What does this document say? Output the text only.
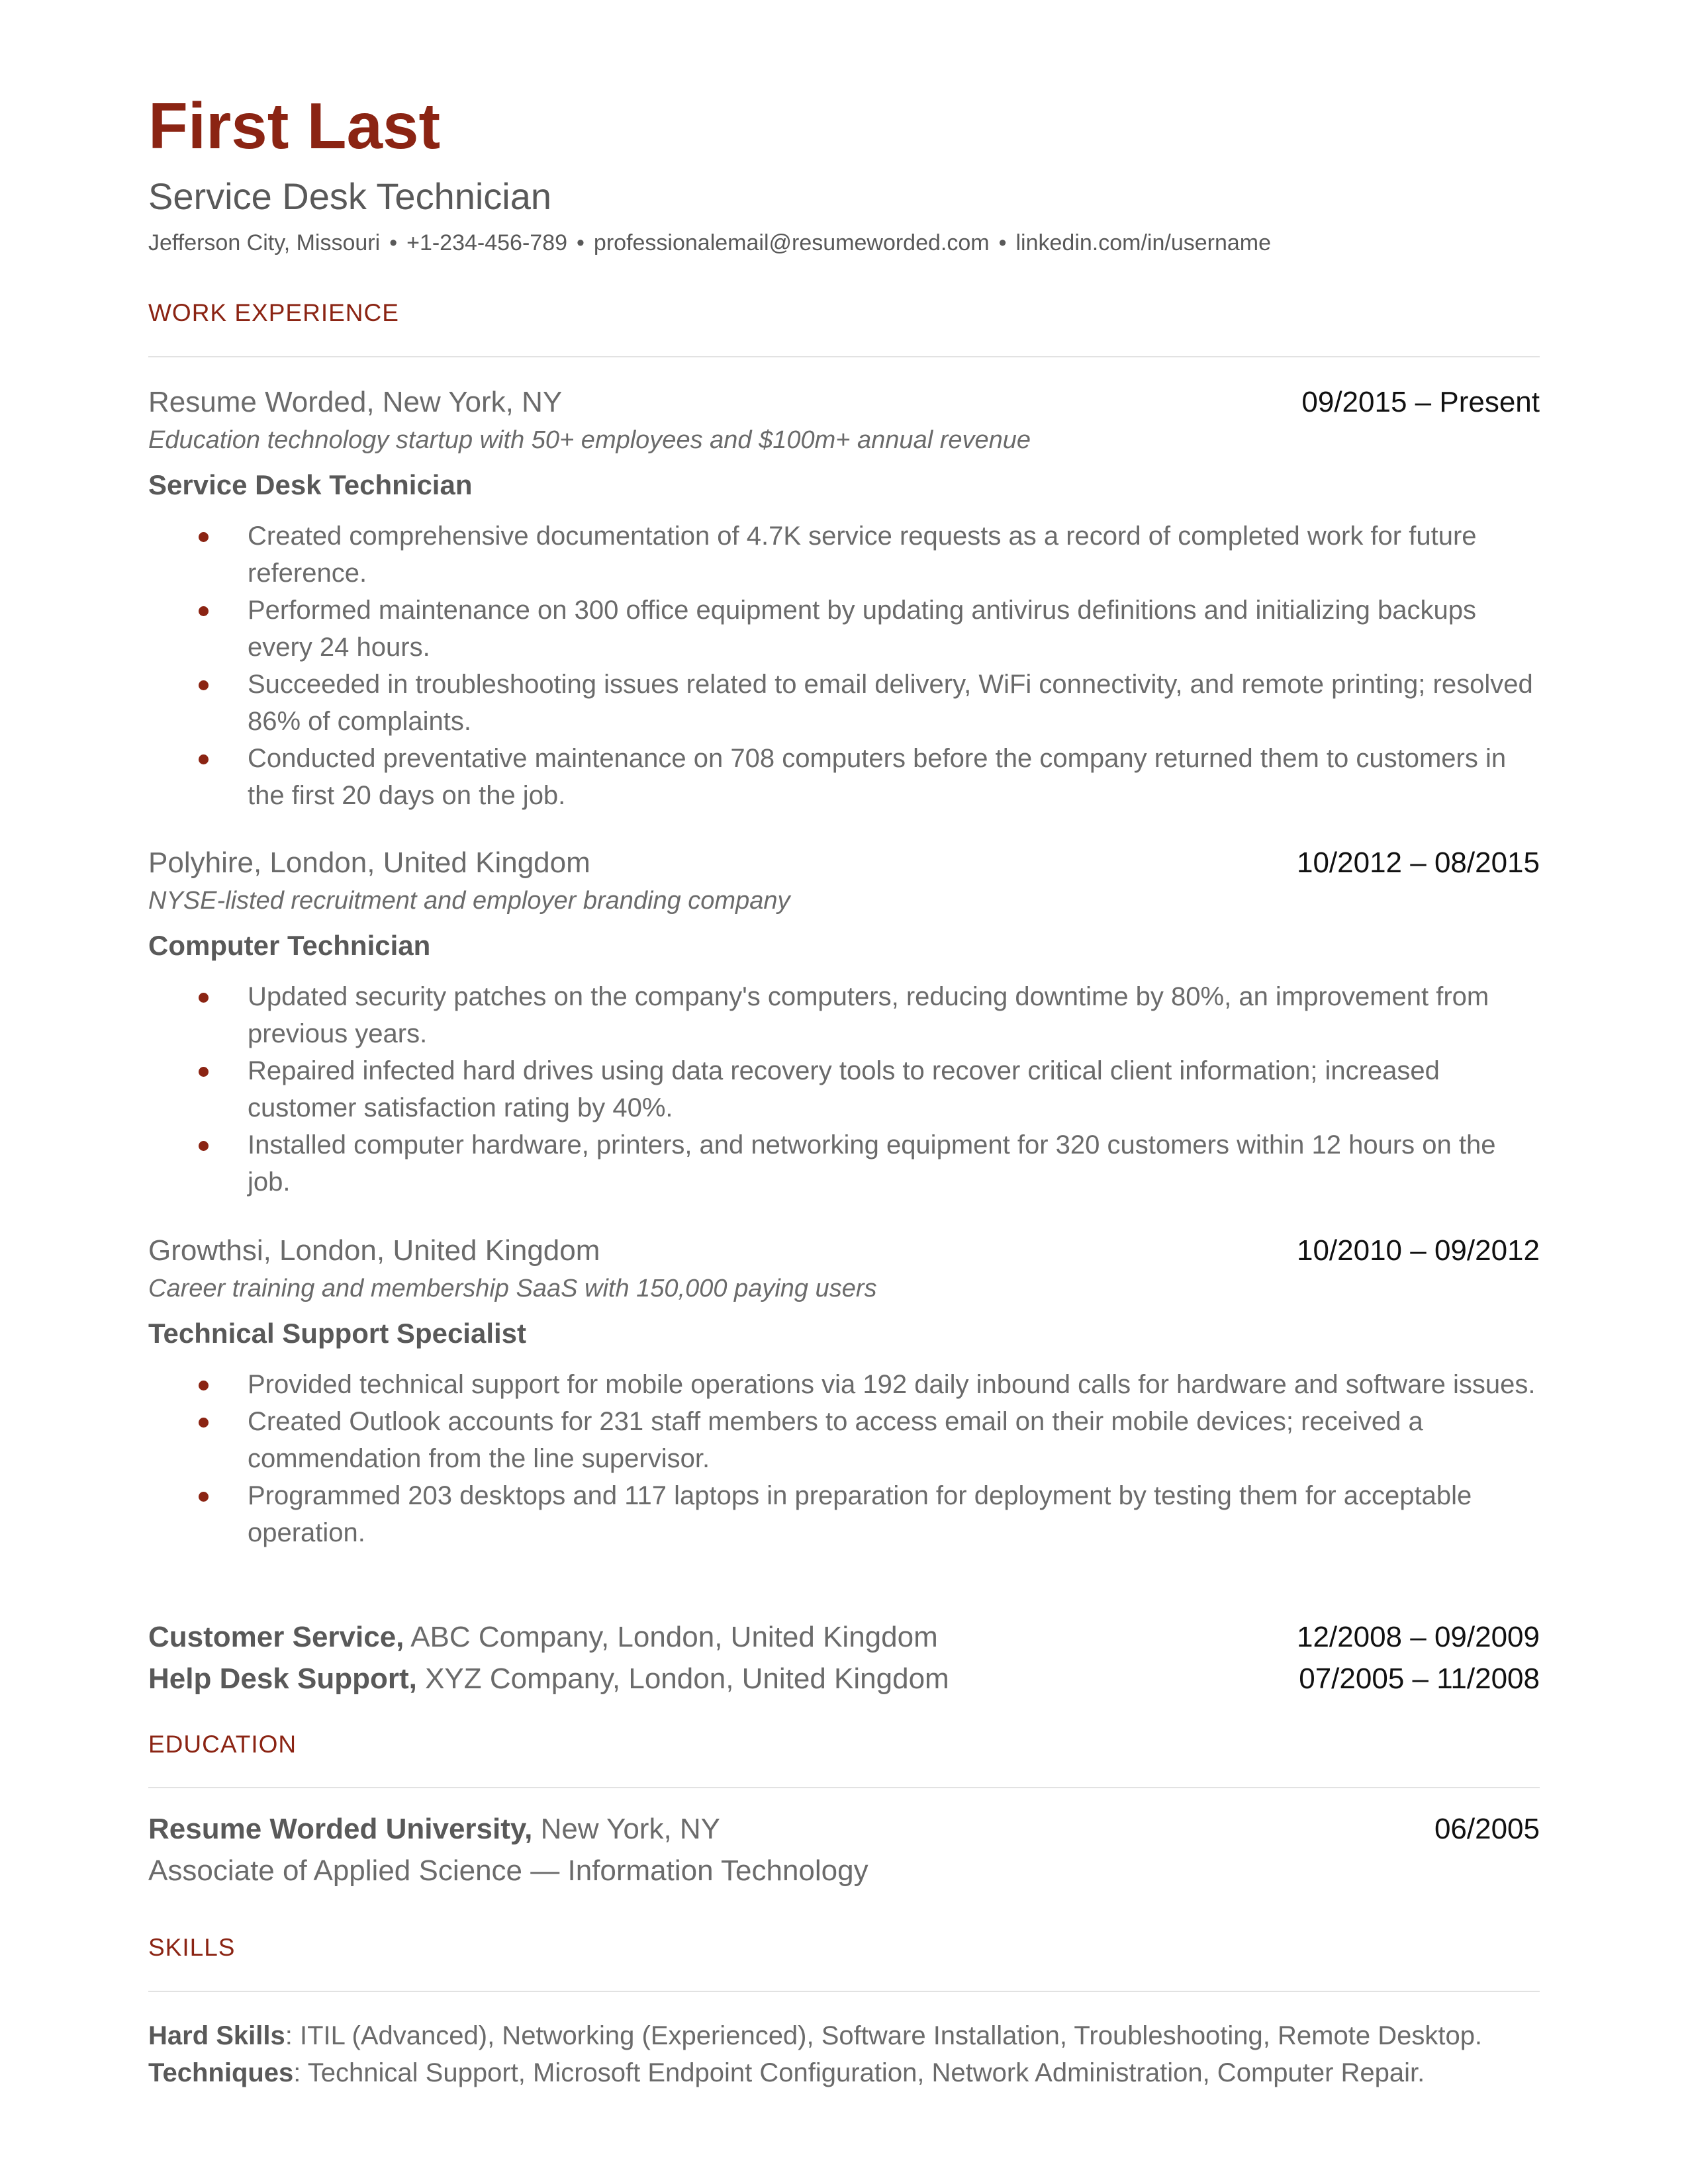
First Last
Service Desk Technician
Jefferson City, Missouri • +1-234-456-789 • professionalemail@resumeworded.com • linkedin.com/in/username
WORK EXPERIENCE
Resume Worded, New York, NY	09/2015 – Present
Education technology startup with 50+ employees and $100m+ annual revenue
Service Desk Technician
Created comprehensive documentation of 4.7K service requests as a record of completed work for future reference.
Performed maintenance on 300 office equipment by updating antivirus definitions and initializing backups every 24 hours.
Succeeded in troubleshooting issues related to email delivery, WiFi connectivity, and remote printing; resolved 86% of complaints.
Conducted preventative maintenance on 708 computers before the company returned them to customers in the first 20 days on the job.
Polyhire, London, United Kingdom	10/2012 – 08/2015
NYSE-listed recruitment and employer branding company
Computer Technician
Updated security patches on the company's computers, reducing downtime by 80%, an improvement from previous years.
Repaired infected hard drives using data recovery tools to recover critical client information; increased customer satisfaction rating by 40%.
Installed computer hardware, printers, and networking equipment for 320 customers within 12 hours on the job.
Growthsi, London, United Kingdom	10/2010 – 09/2012
Career training and membership SaaS with 150,000 paying users
Technical Support Specialist
Provided technical support for mobile operations via 192 daily inbound calls for hardware and software issues.
Created Outlook accounts for 231 staff members to access email on their mobile devices; received a commendation from the line supervisor.
Programmed 203 desktops and 117 laptops in preparation for deployment by testing them for acceptable operation.
Customer Service, ABC Company, London, United Kingdom	12/2008 – 09/2009
Help Desk Support, XYZ Company, London, United Kingdom	07/2005 – 11/2008
EDUCATION
Resume Worded University, New York, NY	06/2005
Associate of Applied Science — Information Technology
SKILLS
Hard Skills: ITIL (Advanced), Networking (Experienced), Software Installation, Troubleshooting, Remote Desktop.
Techniques: Technical Support, Microsoft Endpoint Configuration, Network Administration, Computer Repair.
